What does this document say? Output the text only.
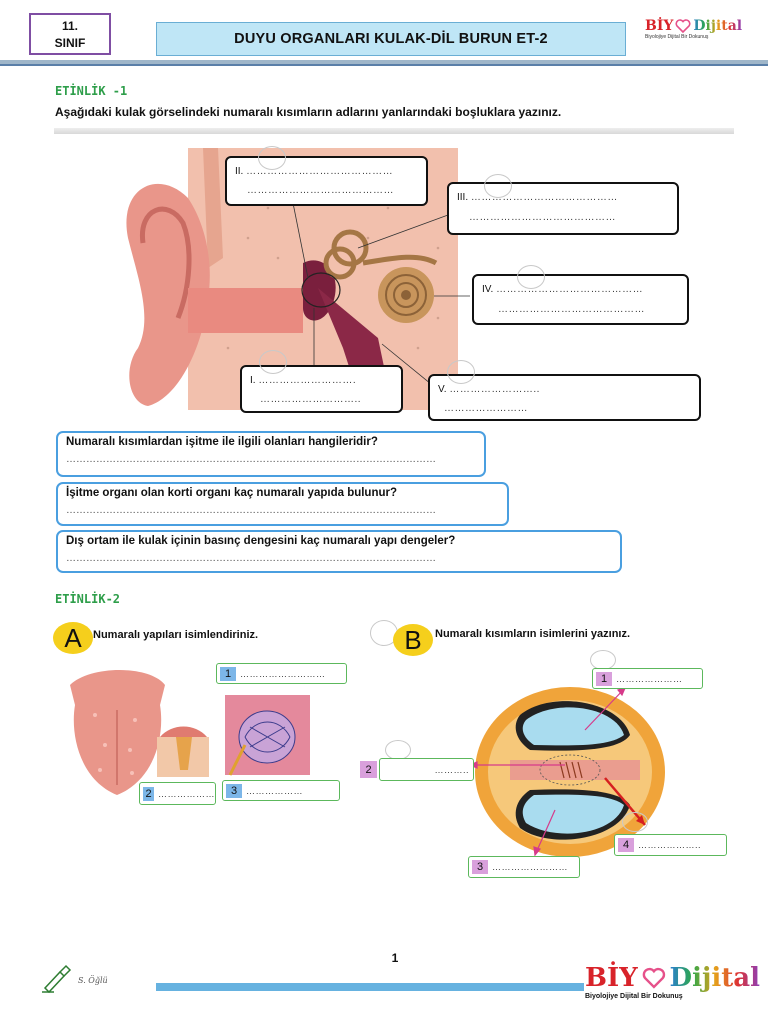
11.
SINIF	DUYU ORGANLARI KULAK-DİL BURUN ET-2
BİY Dijital
Biyolojiye Dijital Bir Dokunuş
ETİNLİK -1
Aşağıdaki kulak görselindeki numaralı kısımların adlarını yanlarındaki boşluklara yazınız.
II. ……………………………………
……………………………………
III. ……………………………………
……………………………………
IV. ……………………………………
……………………………………
I. ……………………….
………………………..
V. ……………………..
……………………
Numaralı kısımlardan işitme ile ilgili olanları hangileridir?
…………………………………………………………………………………………………
İşitme organı olan korti organı kaç numaralı yapıda bulunur?
…………………………………………………………………………………………………
Dış ortam ile kulak içinin basınç dengesini kaç numaralı yapı dengeler?
…………………………………………………………………………………………………
ETİNLİK-2
A Numaralı yapıları isimlendiriniz.
1 ………………………
2 ………………	3 ………………
B Numaralı kısımların isimlerini yazınız.
1 …………………
2	………..
3 ……………………
4 ………………..
1
S. Öğlü	BİY Dijital
Biyolojiye Dijital Bir Dokunuş
